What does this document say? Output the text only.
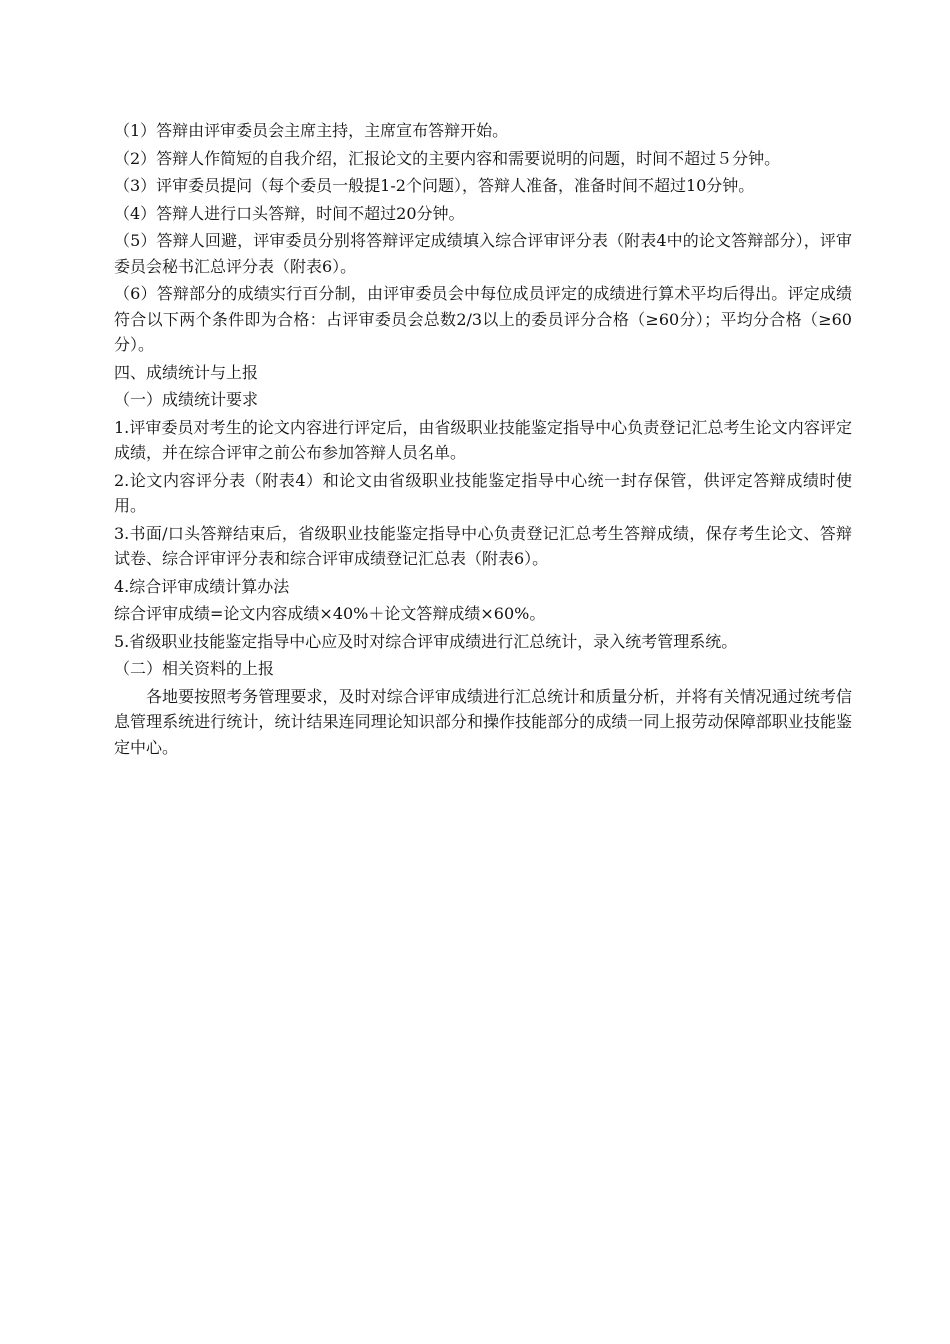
（1）答辩由评审委员会主席主持，主席宣布答辩开始。

（2）答辩人作简短的自我介绍，汇报论文的主要内容和需要说明的问题，时间不超过５分钟。

（3）评审委员提问（每个委员一般提1-2个问题），答辩人准备，准备时间不超过10分钟。

（4）答辩人进行口头答辩，时间不超过20分钟。

（5）答辩人回避，评审委员分别将答辩评定成绩填入综合评审评分表（附表4中的论文答辩部分），评审委员会秘书汇总评分表（附表6）。

（6）答辩部分的成绩实行百分制，由评审委员会中每位成员评定的成绩进行算术平均后得出。评定成绩符合以下两个条件即为合格：占评审委员会总数2/3以上的委员评分合格（≥60分）；平均分合格（≥60分）。

四、成绩统计与上报

（一）成绩统计要求

1.评审委员对考生的论文内容进行评定后，由省级职业技能鉴定指导中心负责登记汇总考生论文内容评定成绩，并在综合评审之前公布参加答辩人员名单。

2.论文内容评分表（附表4）和论文由省级职业技能鉴定指导中心统一封存保管，供评定答辩成绩时使用。

3.书面/口头答辩结束后，省级职业技能鉴定指导中心负责登记汇总考生答辩成绩，保存考生论文、答辩试卷、综合评审评分表和综合评审成绩登记汇总表（附表6）。

4.综合评审成绩计算办法

综合评审成绩=论文内容成绩×40%＋论文答辩成绩×60%。

5.省级职业技能鉴定指导中心应及时对综合评审成绩进行汇总统计，录入统考管理系统。

（二）相关资料的上报

各地要按照考务管理要求，及时对综合评审成绩进行汇总统计和质量分析，并将有关情况通过统考信息管理系统进行统计，统计结果连同理论知识部分和操作技能部分的成绩一同上报劳动保障部职业技能鉴定中心。
